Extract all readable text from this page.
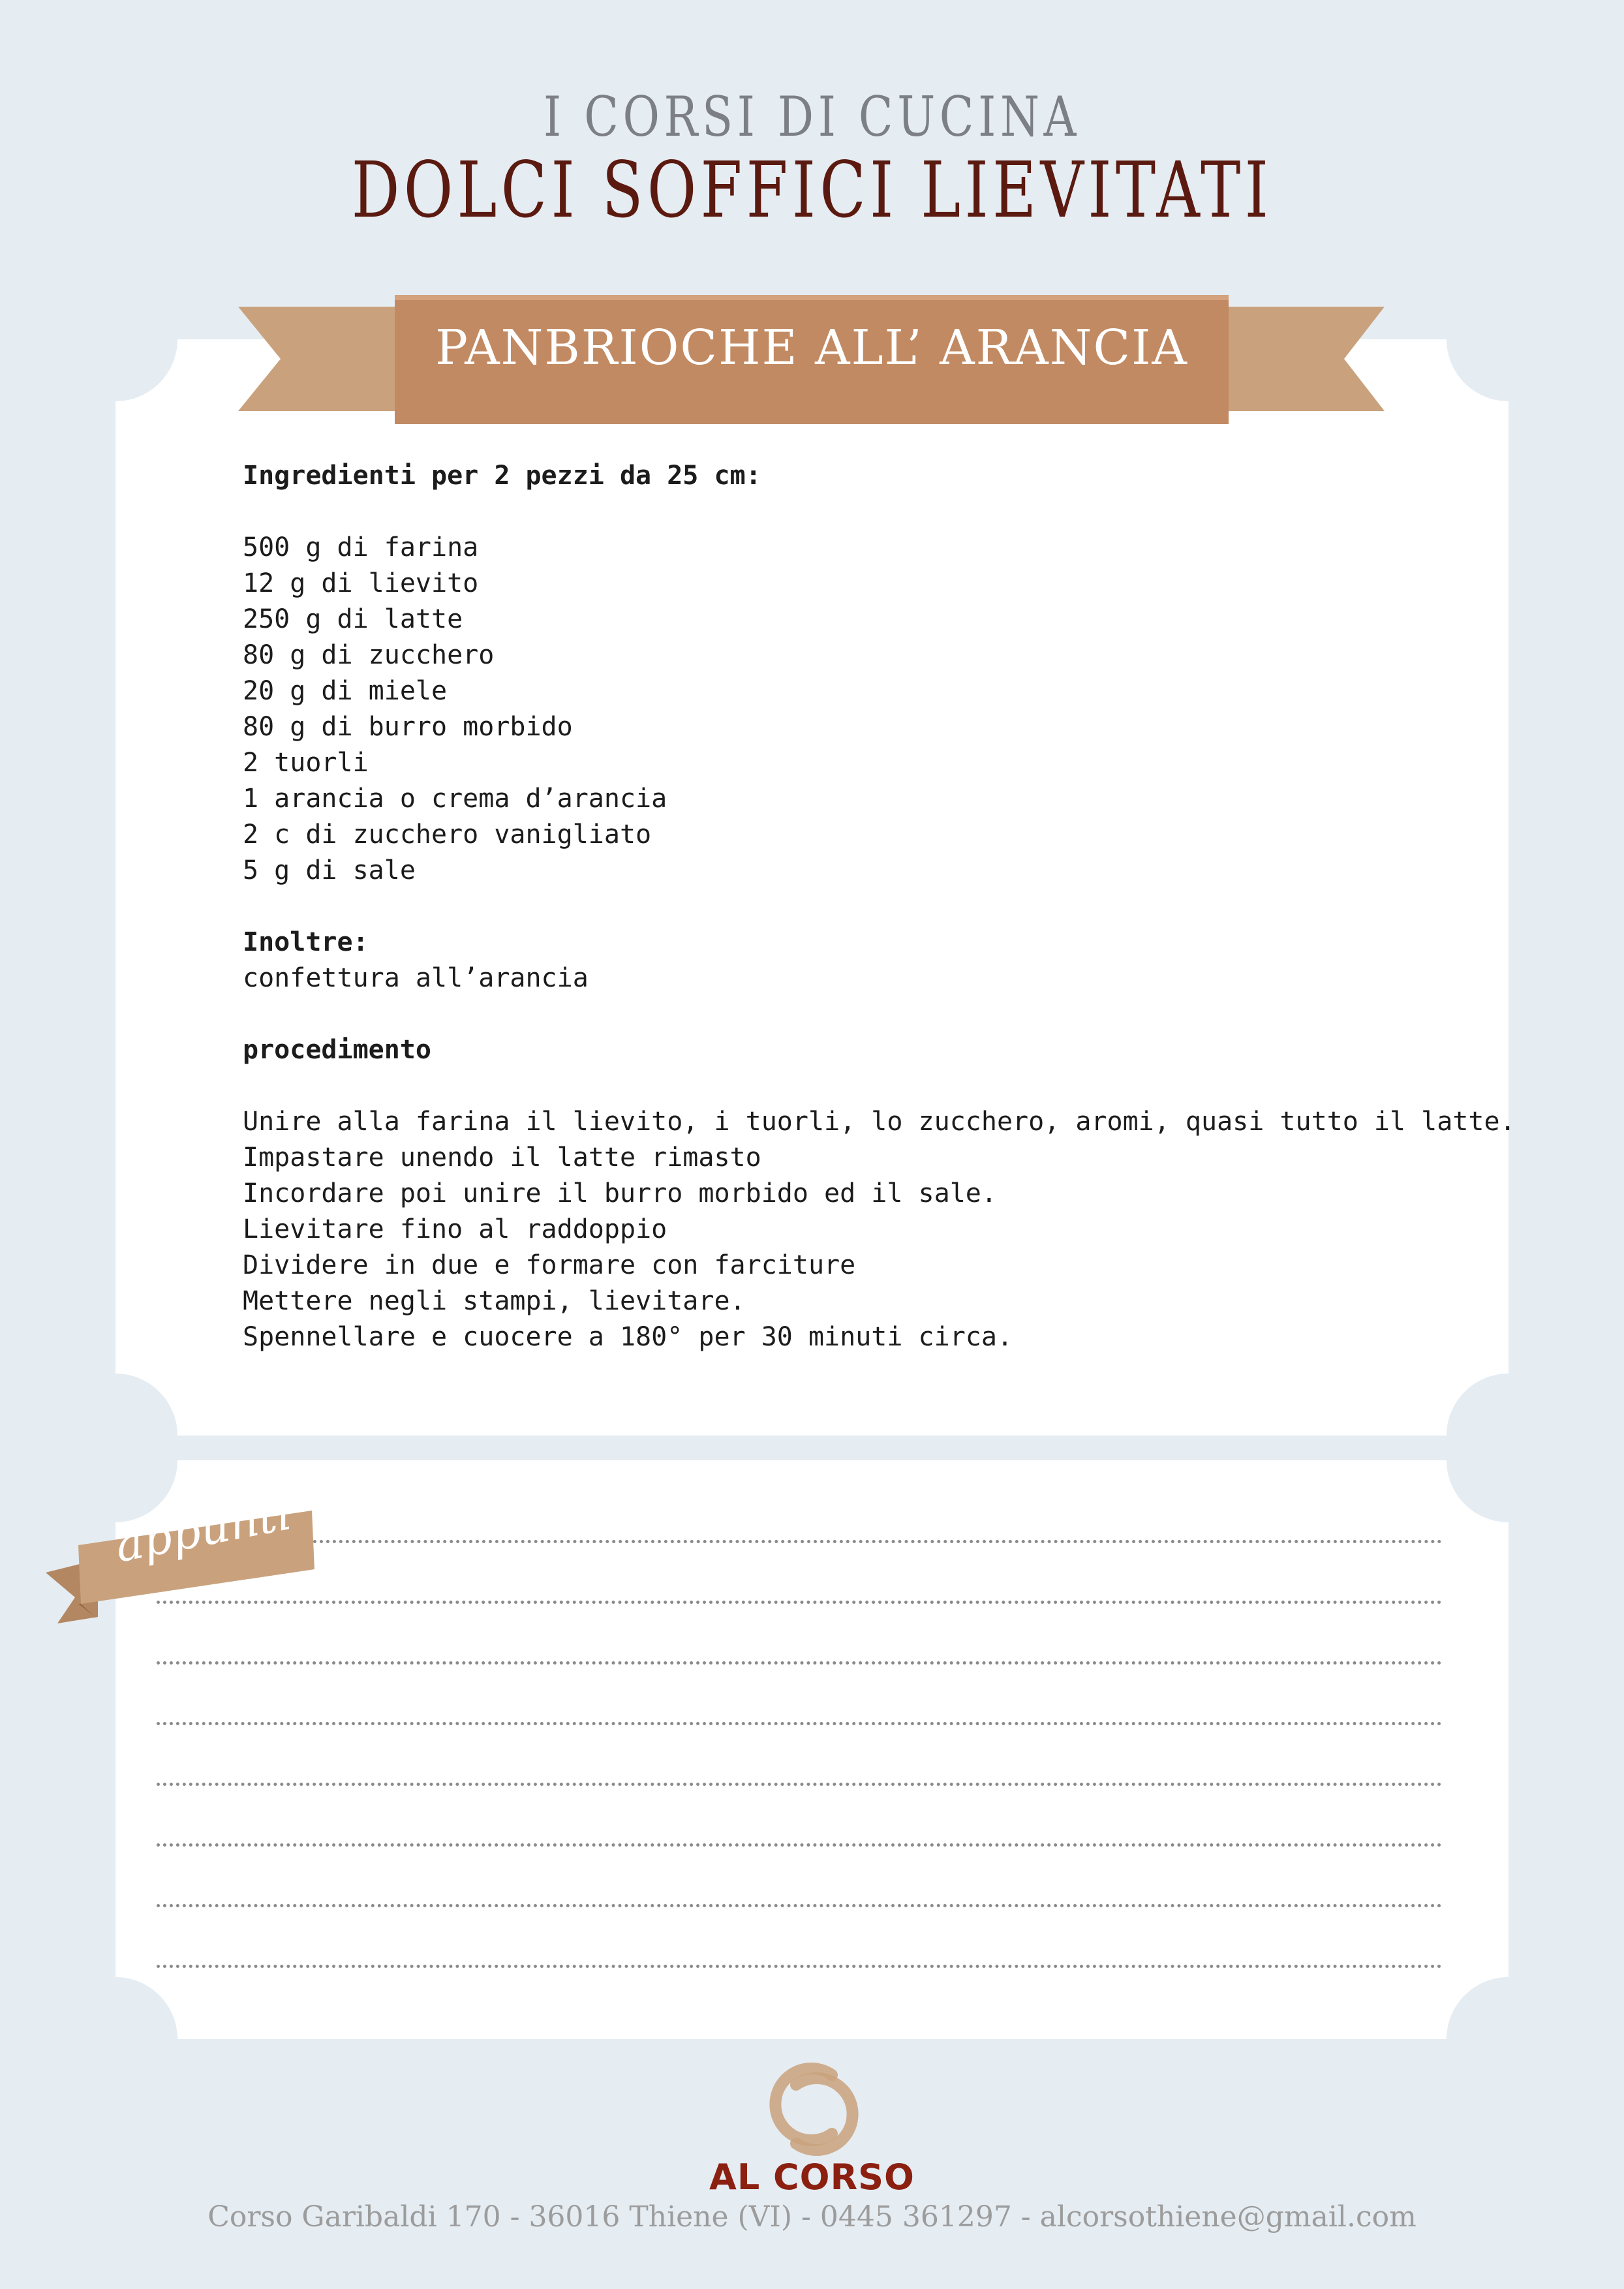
I CORSI DI CUCINA
DOLCI SOFFICI LIEVITATI
PANBRIOCHE ALL’ ARANCIA

Ingredienti per 2 pezzi da 25 cm:

500 g di farina

12 g di lievito

250 g di latte

80 g di zucchero

20 g di miele

80 g di burro morbido

2 tuorli

1 arancia o crema d’arancia

2 c di zucchero vanigliato

5 g di sale

Inoltre:

confettura all’arancia

procedimento

Unire alla farina il lievito, i tuorli, lo zucchero, aromi, quasi tutto il latte.

Impastare unendo il latte rimasto

Incordare poi unire il burro morbido ed il sale.

Lievitare fino al raddoppio

Dividere in due e formare con farciture

Mettere negli stampi, lievitare.

Spennellare e cuocere a 180° per 30 minuti circa.

appunti
AL CORSO
Corso Garibaldi 170 - 36016 Thiene (VI) - 0445 361297 - alcorsothiene@gmail.com
